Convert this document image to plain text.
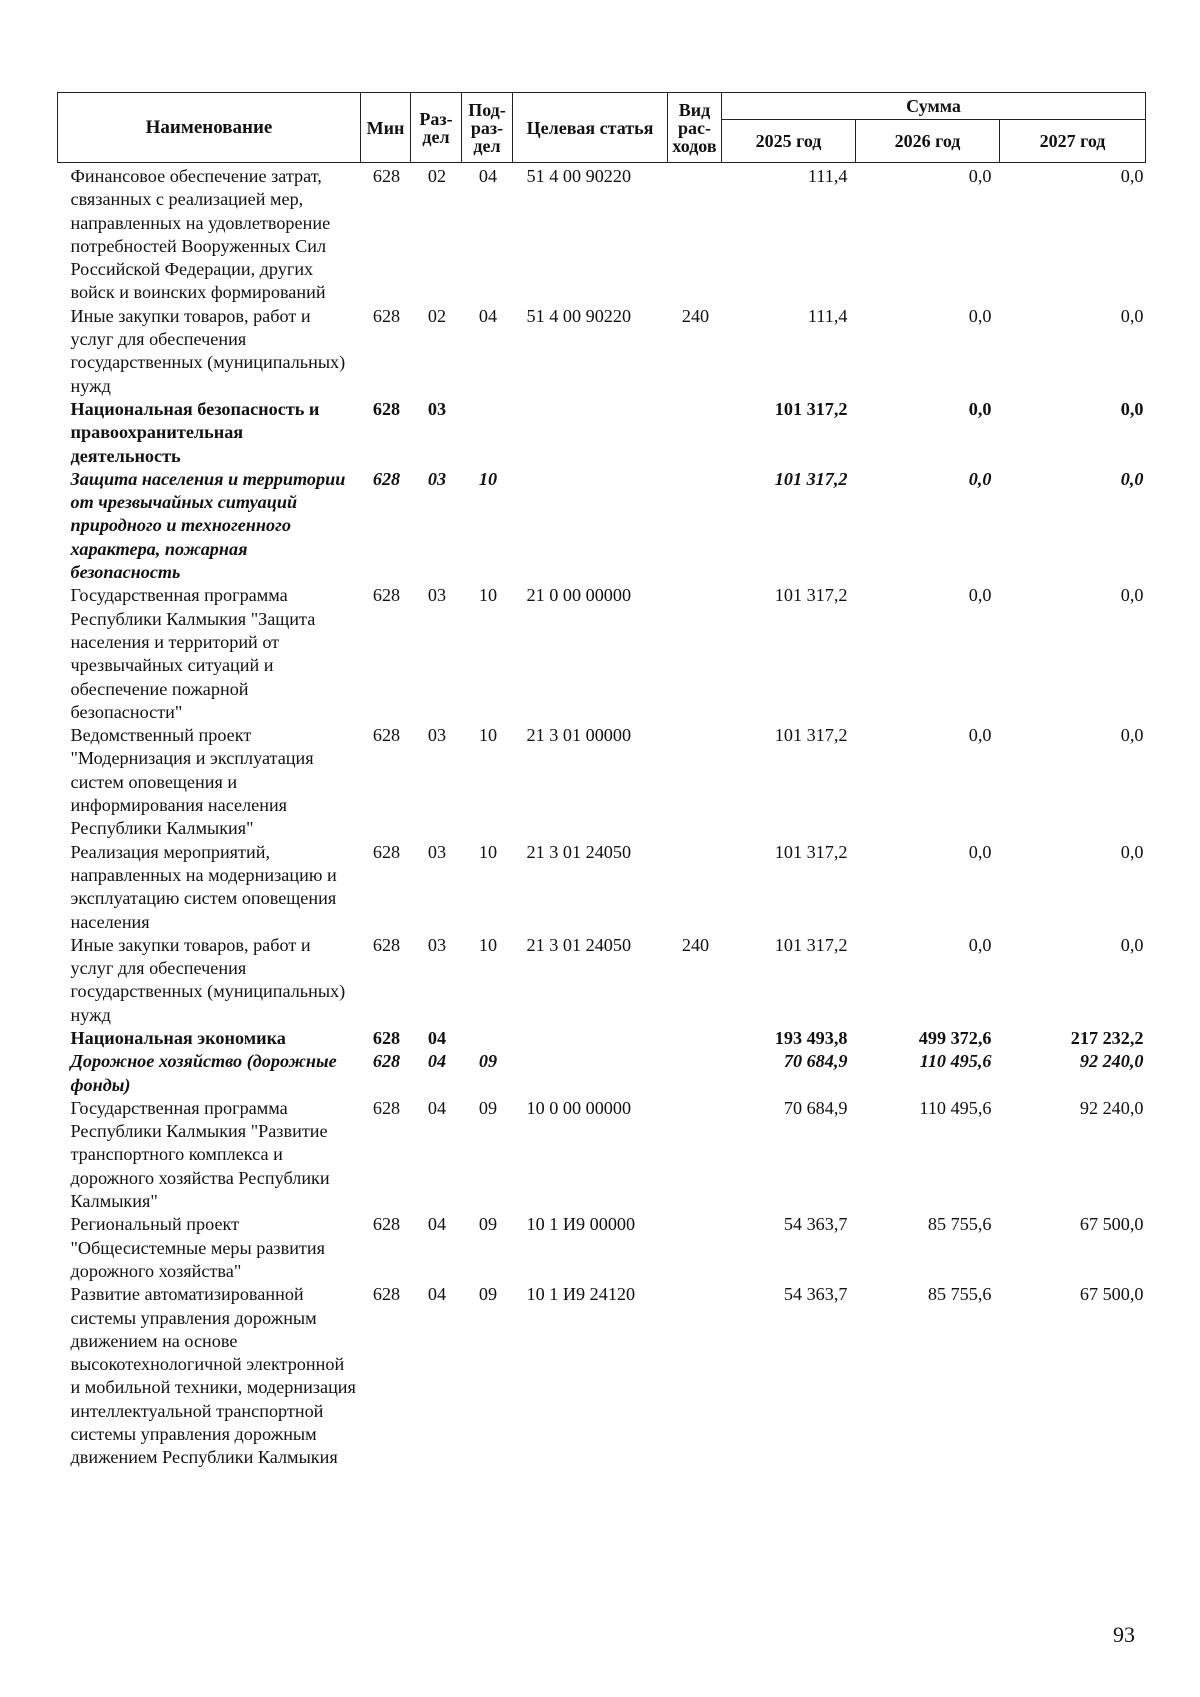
Наименование	Мин	Раз-дел	Под-раз-дел	Целевая статья	Вид рас-ходов	Сумма		
						2025 год	2026 год	2027 год
Финансовое обеспечение затрат, связанных с реализацией мер, направленных на удовлетворение потребностей Вооруженных Сил Российской Федерации, других войск и воинских формирований	628	02	04	51 4 00 90220		111,4	0,0	0,0
Иные закупки товаров, работ и услуг для обеспечения государственных (муниципальных) нужд	628	02	04	51 4 00 90220	240	111,4	0,0	0,0
Национальная безопасность и правоохранительная деятельность	628	03				101 317,2	0,0	0,0
Защита населения и территории от чрезвычайных ситуаций природного и техногенного характера, пожарная безопасность	628	03	10			101 317,2	0,0	0,0
Государственная программа Республики Калмыкия "Защита населения и территорий от чрезвычайных ситуаций и обеспечение пожарной безопасности"	628	03	10	21 0 00 00000		101 317,2	0,0	0,0
Ведомственный проект "Модернизация и эксплуатация систем оповещения и информирования населения Республики Калмыкия"	628	03	10	21 3 01 00000		101 317,2	0,0	0,0
Реализация мероприятий, направленных на модернизацию и эксплуатацию систем оповещения населения	628	03	10	21 3 01 24050		101 317,2	0,0	0,0
Иные закупки товаров, работ и услуг для обеспечения государственных (муниципальных) нужд	628	03	10	21 3 01 24050	240	101 317,2	0,0	0,0
Национальная экономика	628	04				193 493,8	499 372,6	217 232,2
Дорожное хозяйство (дорожные фонды)	628	04	09			70 684,9	110 495,6	92 240,0
Государственная программа Республики Калмыкия "Развитие транспортного комплекса и дорожного хозяйства Республики Калмыкия"	628	04	09	10 0 00 00000		70 684,9	110 495,6	92 240,0
Региональный проект "Общесистемные меры развития дорожного хозяйства"	628	04	09	10 1 И9 00000		54 363,7	85 755,6	67 500,0
Развитие автоматизированной системы управления дорожным движением на основе высокотехнологичной электронной и мобильной техники, модернизация интеллектуальной транспортной системы управления дорожным движением Республики Калмыкия	628	04	09	10 1 И9 24120		54 363,7	85 755,6	67 500,0
93
